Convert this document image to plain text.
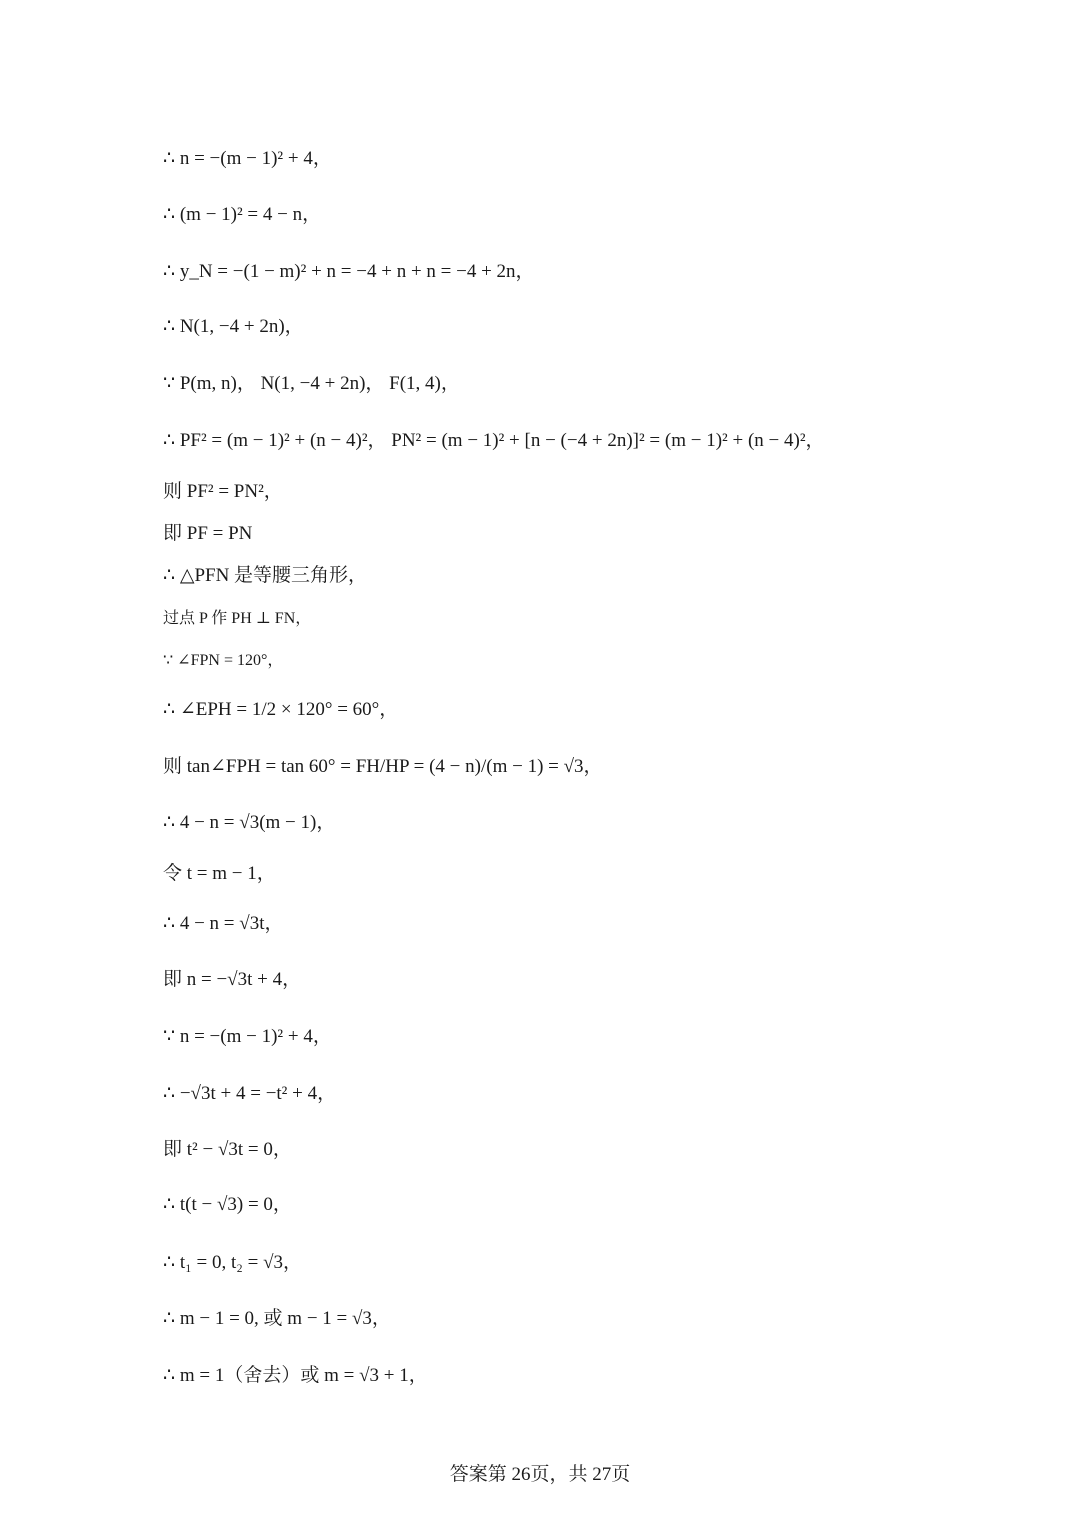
∴ n = −(m − 1)² + 4，
∴ (m − 1)² = 4 − n，
∴ y_N = −(1 − m)² + n = −4 + n + n = −4 + 2n，
∴ N(1, −4 + 2n)，
∵ P(m, n)， N(1, −4 + 2n)， F(1, 4)，
∴ PF² = (m − 1)² + (n − 4)²， PN² = (m − 1)² + [n − (−4 + 2n)]² = (m − 1)² + (n − 4)²，
则 PF² = PN²，
即 PF = PN
∴ △PFN 是等腰三角形，
过点 P 作 PH ⊥ FN，
∵ ∠FPN = 120°，
∴ ∠EPH = 1/2 × 120° = 60°，
则 tan∠FPH = tan 60° = FH/HP = (4 − n)/(m − 1) = √3，
∴ 4 − n = √3(m − 1)，
令 t = m − 1，
∴ 4 − n = √3t，
即 n = −√3t + 4，
∵ n = −(m − 1)² + 4，
∴ −√3t + 4 = −t² + 4，
即 t² − √3t = 0，
∴ t(t − √3) = 0，
∴ t₁ = 0, t₂ = √3，
∴ m − 1 = 0, 或 m − 1 = √3，
∴ m = 1（舍去）或 m = √3 + 1，
答案第 26页，共 27页
